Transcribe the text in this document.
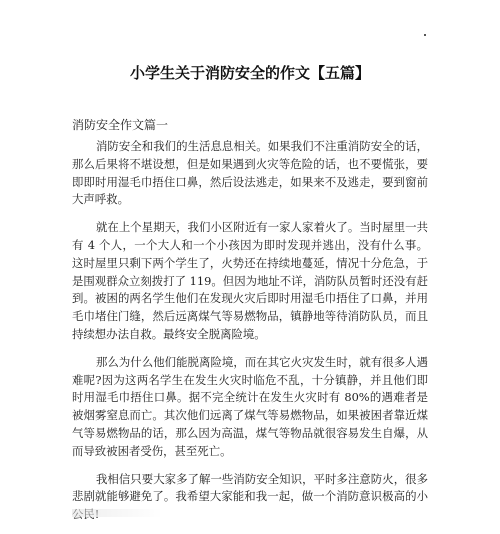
小学生关于消防安全的作文【五篇】
消防安全作文篇一

消防安全和我们的生活息息相关。如果我们不注重消防安全的话，那么后果将不堪设想，但是如果遇到火灾等危险的话，也不要慌张，要即即时用湿毛巾捂住口鼻，然后设法逃走，如果来不及逃走，要到窗前大声呼救。

就在上个星期天，我们小区附近有一家人家着火了。当时屋里一共有 4 个人，一个大人和一个小孩因为即时发现并逃出，没有什么事。这时屋里只剩下两个学生了，火势还在持续地蔓延，情况十分危急，于是围观群众立刻拨打了 119。但因为地址不详，消防队员暂时还没有赶到。被困的两名学生他们在发现火灾后即时用湿毛巾捂住了口鼻，并用毛巾堵住门缝，然后远离煤气等易燃物品，镇静地等待消防队员，而且持续想办法自救。最终安全脱离险境。

那么为什么他们能脱离险境，而在其它火灾发生时，就有很多人遇难呢?因为这两名学生在发生火灾时临危不乱，十分镇静，并且他们即时用湿毛巾捂住口鼻。据不完全统计在发生火灾时有 80%的遇难者是被烟雾窒息而亡。其次他们远离了煤气等易燃物品，如果被困者靠近煤气等易燃物品的话，那么因为高温，煤气等物品就很容易发生自爆，从而导致被困者受伤，甚至死亡。

我相信只要大家多了解一些消防安全知识，平时多注意防火，很多悲剧就能够避免了。我希望大家能和我一起，做一个消防意识极高的小
